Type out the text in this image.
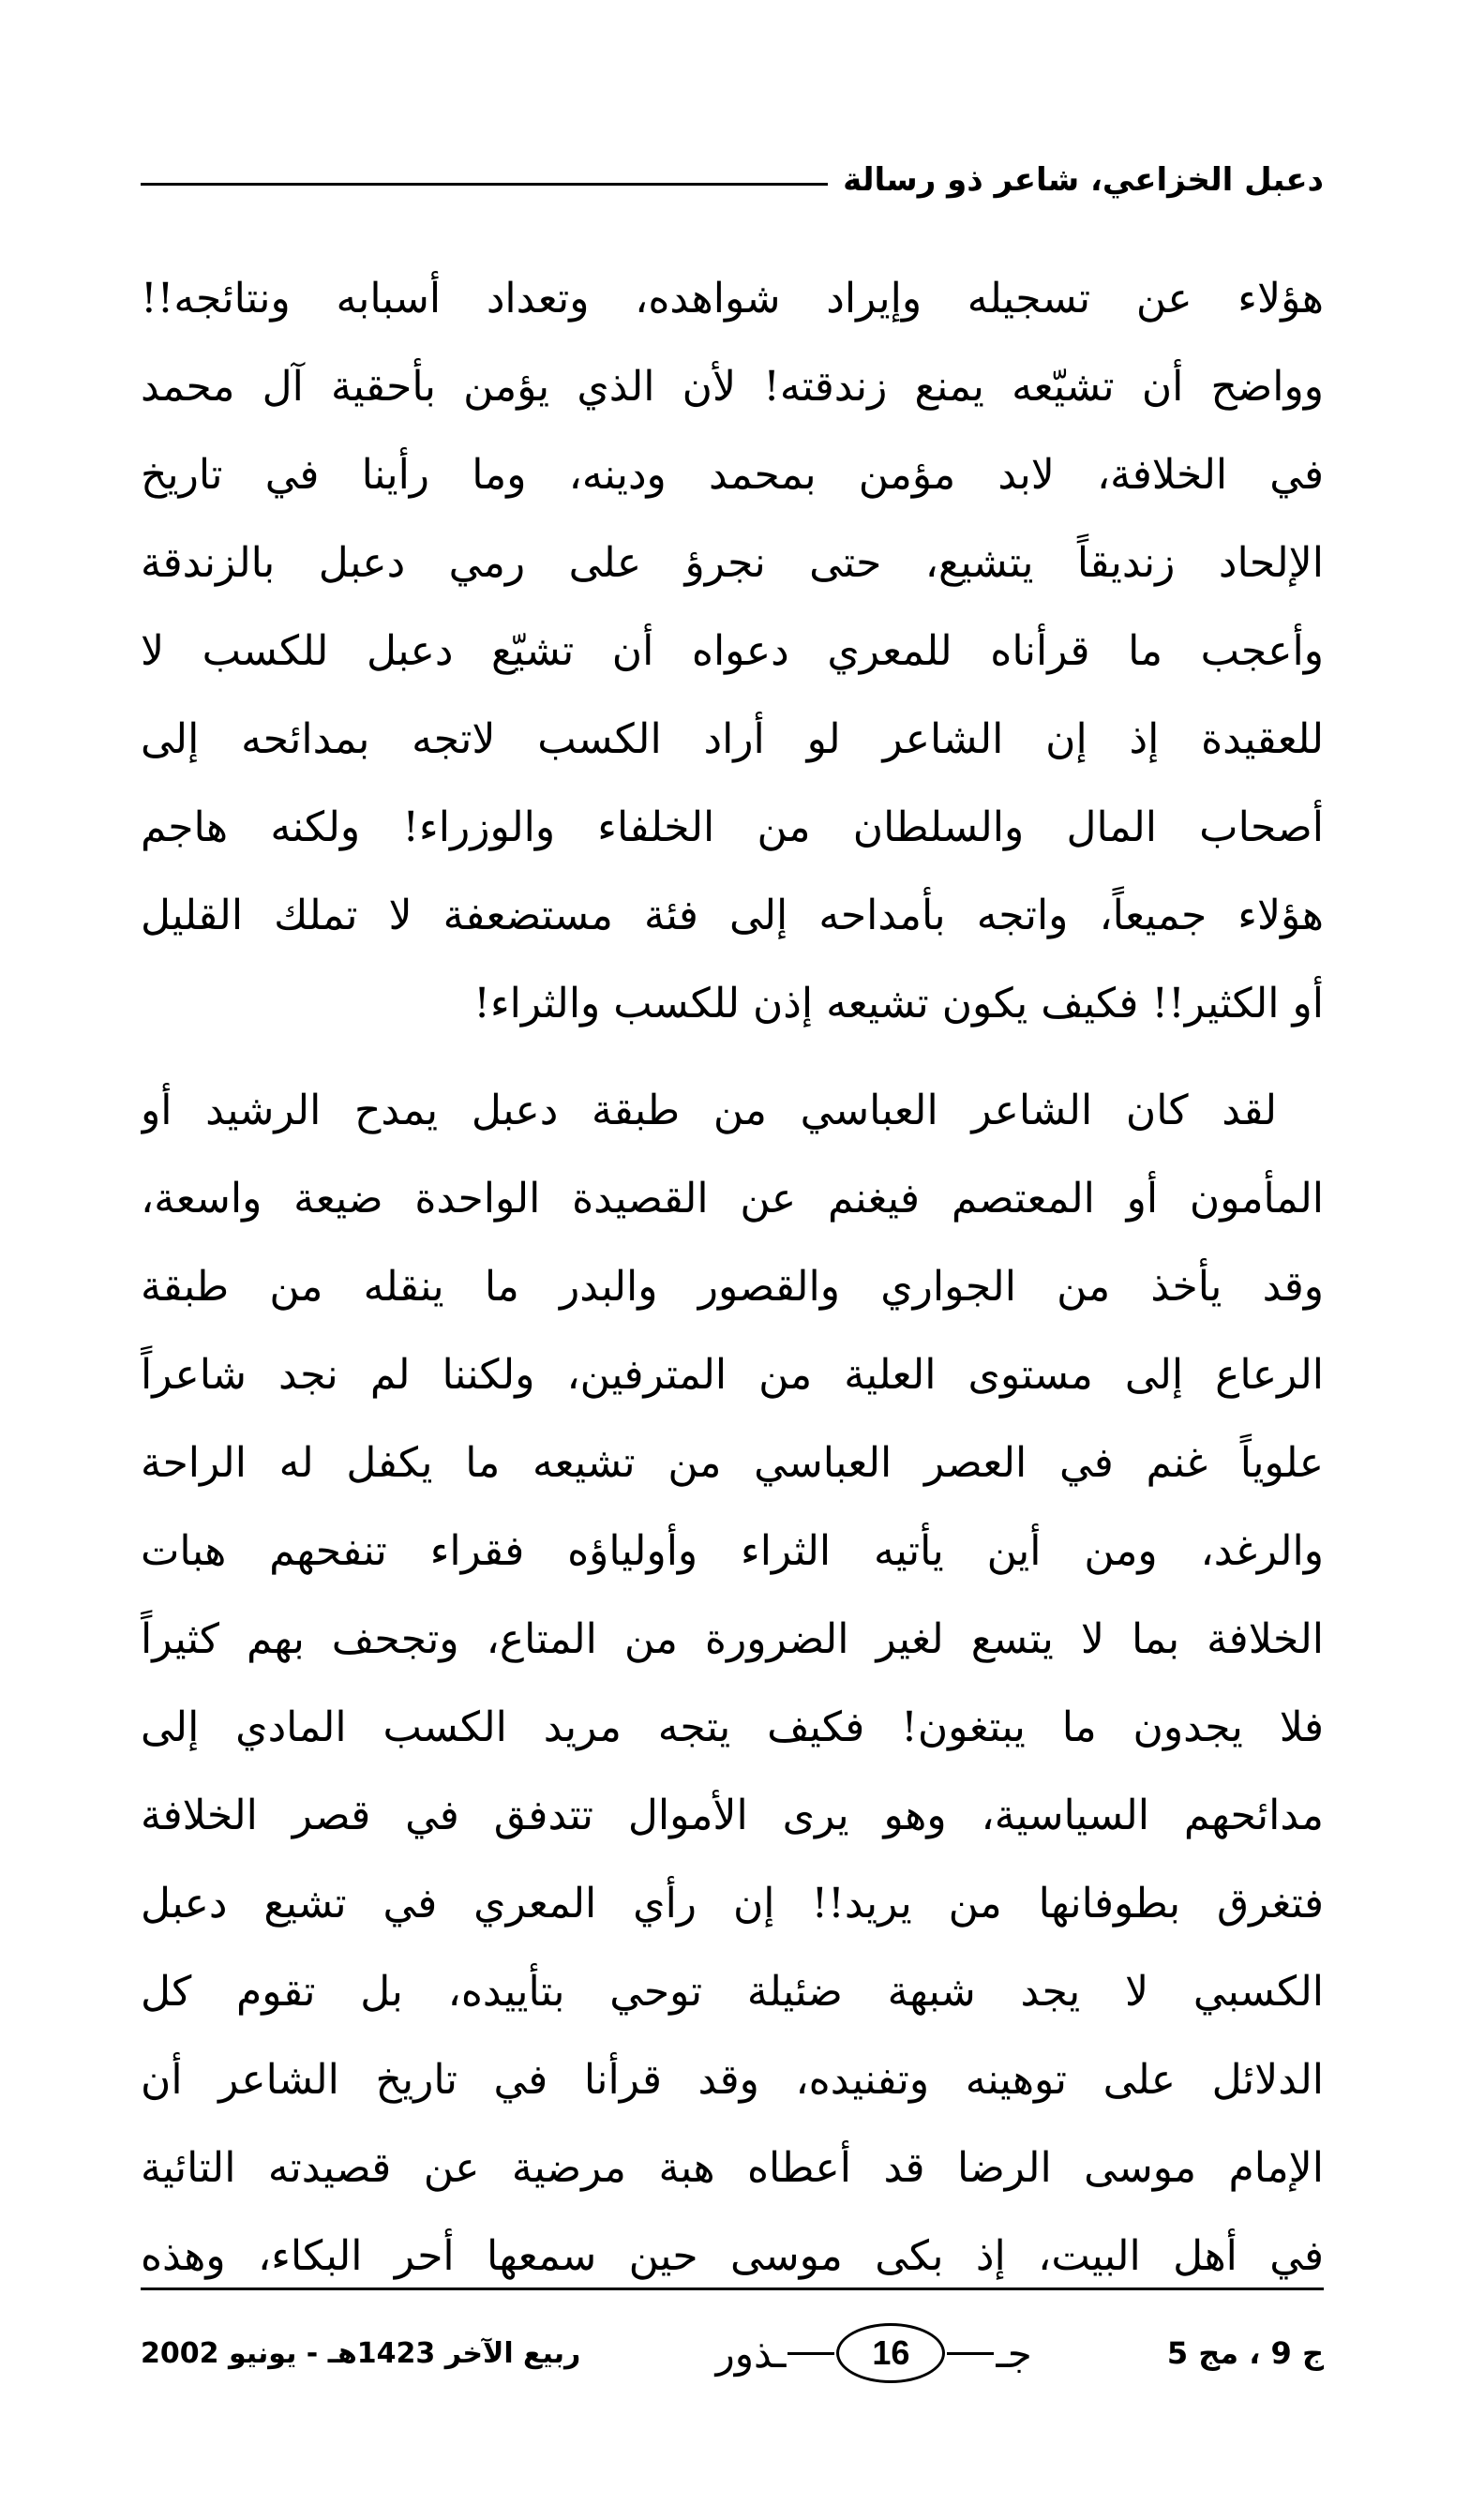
دعبل الخزاعي، شاعر ذو رسالة

هؤلاء عن تسجيله وإيراد شواهده، وتعداد أسبابه ونتائجه!!
وواضح أن تشيّعه يمنع زندقته! لأن الذي يؤمن بأحقية آل محمد
في الخلافة، لابد مؤمن بمحمد ودينه، وما رأينا في تاريخ
الإلحاد زنديقاً يتشيع، حتى نجرؤ على رمي دعبل بالزندقة
وأعجب ما قرأناه للمعري دعواه أن تشيّع دعبل للكسب لا
للعقيدة إذ إن الشاعر لو أراد الكسب لاتجه بمدائحه إلى
أصحاب المال والسلطان من الخلفاء والوزراء! ولكنه هاجم
هؤلاء جميعاً، واتجه بأمداحه إلى فئة مستضعفة لا تملك القليل
أو الكثير!! فكيف يكون تشيعه إذن للكسب والثراء!

لقد كان الشاعر العباسي من طبقة دعبل يمدح الرشيد أو
المأمون أو المعتصم فيغنم عن القصيدة الواحدة ضيعة واسعة،
وقد يأخذ من الجواري والقصور والبدر ما ينقله من طبقة
الرعاع إلى مستوى العلية من المترفين، ولكننا لم نجد شاعراً
علوياً غنم في العصر العباسي من تشيعه ما يكفل له الراحة
والرغد، ومن أين يأتيه الثراء وأولياؤه فقراء تنفحهم هبات
الخلافة بما لا يتسع لغير الضرورة من المتاع، وتجحف بهم كثيراً
فلا يجدون ما يبتغون! فكيف يتجه مريد الكسب المادي إلى
مدائحهم السياسية، وهو يرى الأموال تتدفق في قصر الخلافة
فتغرق بطوفانها من يريد!! إن رأي المعري في تشيع دعبل
الكسبي لا يجد شبهة ضئيلة توحي بتأييده، بل تقوم كل
الدلائل على توهينه وتفنيده، وقد قرأنا في تاريخ الشاعر أن
الإمام موسى الرضا قد أعطاه هبة مرضية عن قصيدته التائية
في أهل البيت، إذ بكى موسى حين سمعها أحر البكاء، وهذه

ج 9 ، مج 5
جـ
16
ـذور
ربيع الآخر 1423هـ - يونيو 2002
